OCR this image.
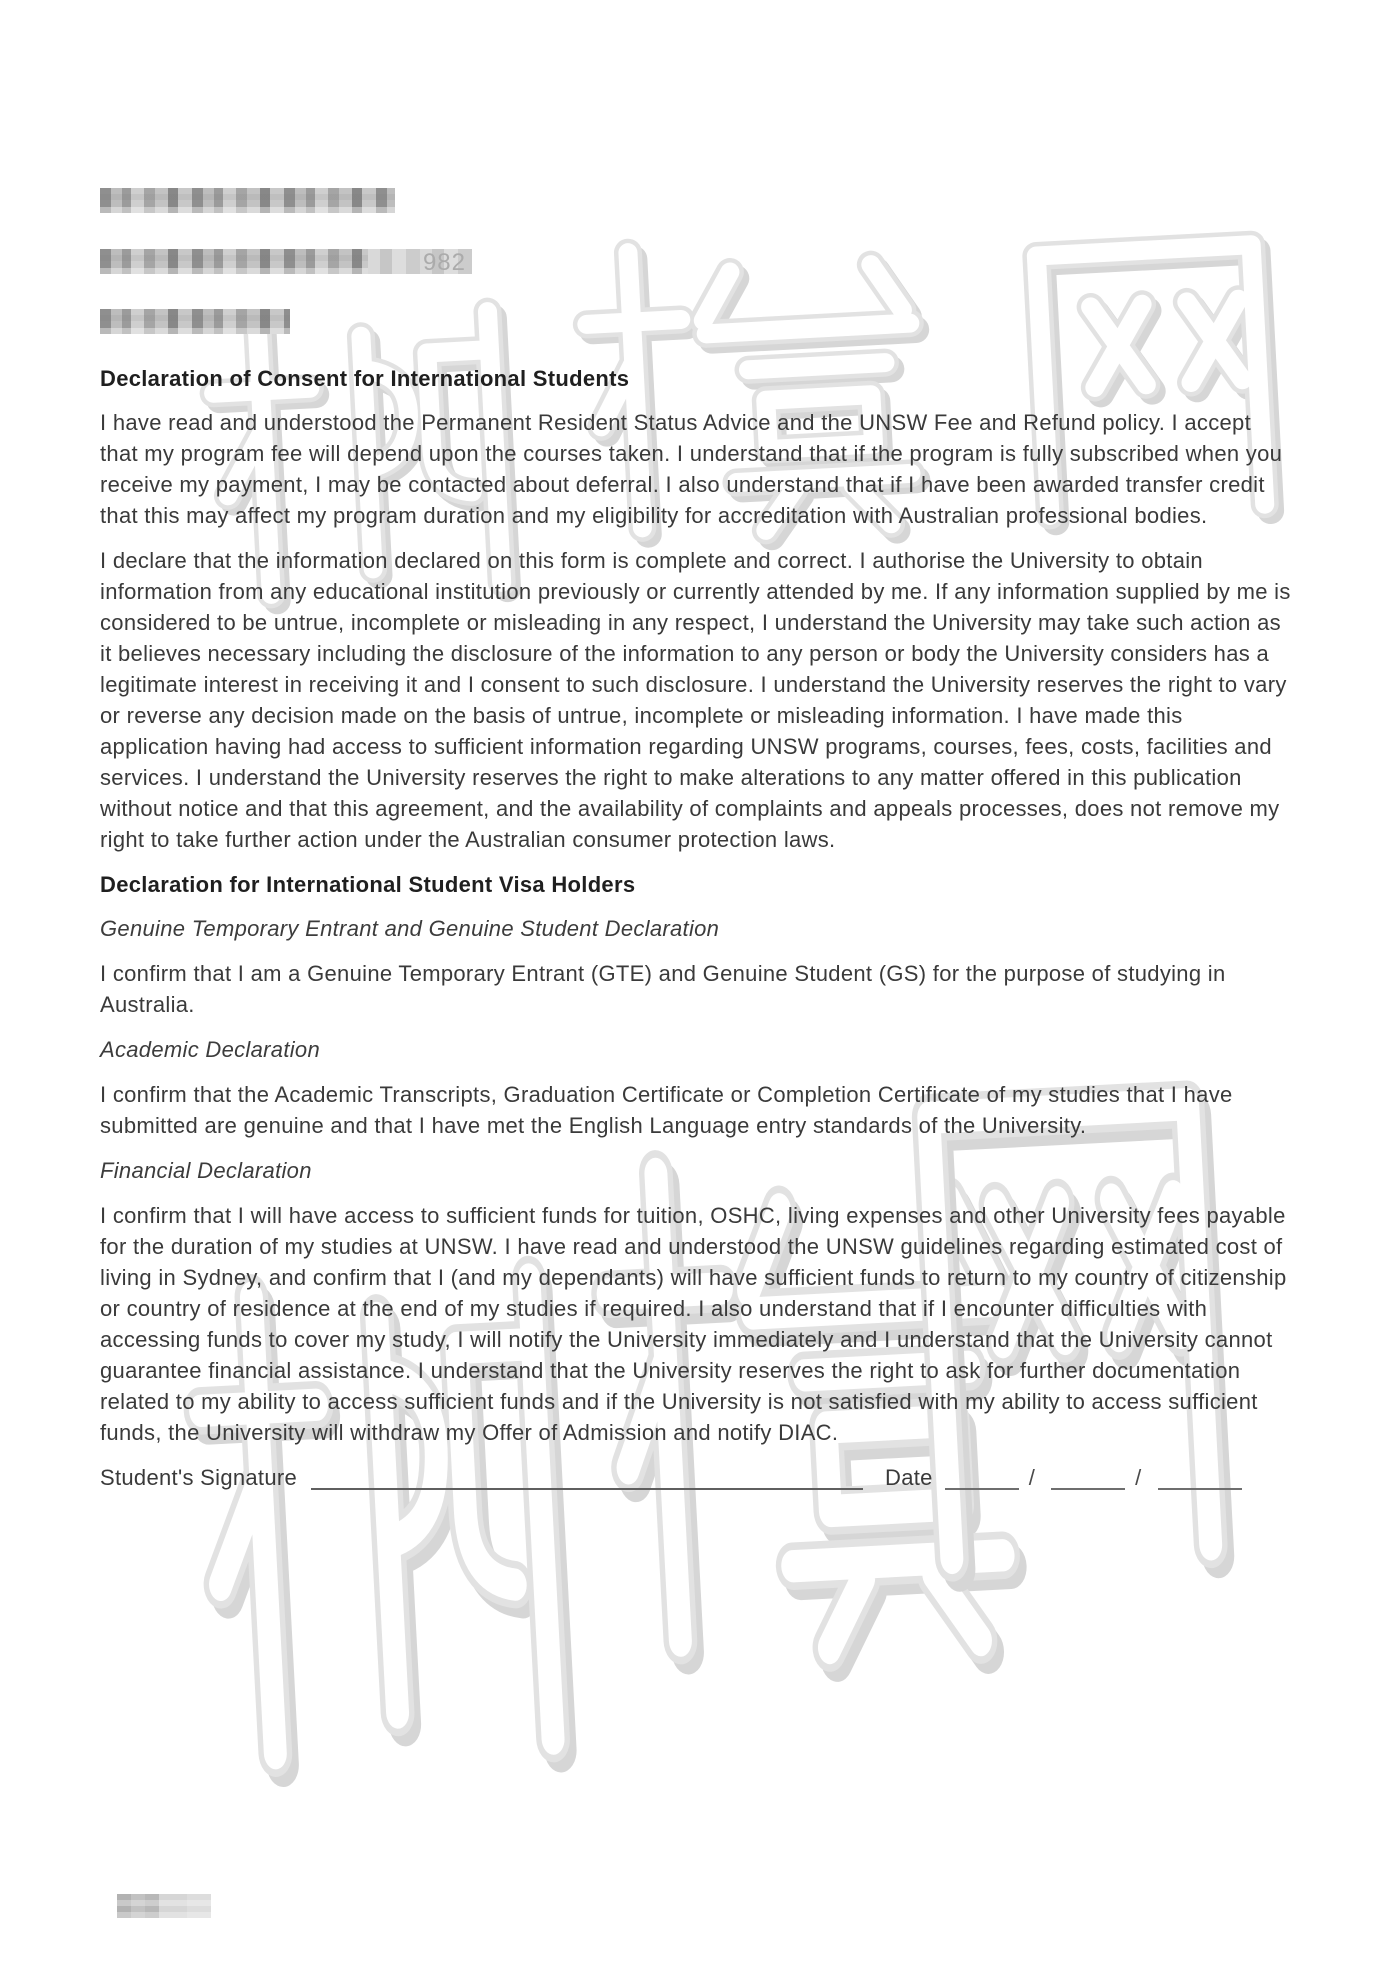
982
Declaration of Consent for International Students

I have read and understood the Permanent Resident Status Advice and the UNSW Fee and Refund policy. I accept that my program fee will depend upon the courses taken. I understand that if the program is fully subscribed when you receive my payment, I may be contacted about deferral. I also understand that if I have been awarded transfer credit that this may affect my program duration and my eligibility for accreditation with Australian professional bodies.

I declare that the information declared on this form is complete and correct. I authorise the University to obtain information from any educational institution previously or currently attended by me. If any information supplied by me is considered to be untrue, incomplete or misleading in any respect, I understand the University may take such action as it believes necessary including the disclosure of the information to any person or body the University considers has a legitimate interest in receiving it and I consent to such disclosure. I understand the University reserves the right to vary or reverse any decision made on the basis of untrue, incomplete or misleading information. I have made this application having had access to sufficient information regarding UNSW programs, courses, fees, costs, facilities and services. I understand the University reserves the right to make alterations to any matter offered in this publication without notice and that this agreement, and the availability of complaints and appeals processes, does not remove my right to take further action under the Australian consumer protection laws.

Declaration for International Student Visa Holders

Genuine Temporary Entrant and Genuine Student Declaration

I confirm that I am a Genuine Temporary Entrant (GTE) and Genuine Student (GS) for the purpose of studying in Australia.

Academic Declaration

I confirm that the Academic Transcripts, Graduation Certificate or Completion Certificate of my studies that I have submitted are genuine and that I have met the English Language entry standards of the University.

Financial Declaration

I confirm that I will have access to sufficient funds for tuition, OSHC, living expenses and other University fees payable for the duration of my studies at UNSW. I have read and understood the UNSW guidelines regarding estimated cost of living in Sydney, and confirm that I (and my dependants) will have sufficient funds to return to my country of citizenship or country of residence at the end of my studies if required. I also understand that if I encounter difficulties with accessing funds to cover my study, I will notify the University immediately and I understand that the University cannot guarantee financial assistance. I understand that the University reserves the right to ask for further documentation related to my ability to access sufficient funds and if the University is not satisfied with my ability to access sufficient funds, the University will withdraw my Offer of Admission and notify DIAC.

Student's Signature	Date	/	/
